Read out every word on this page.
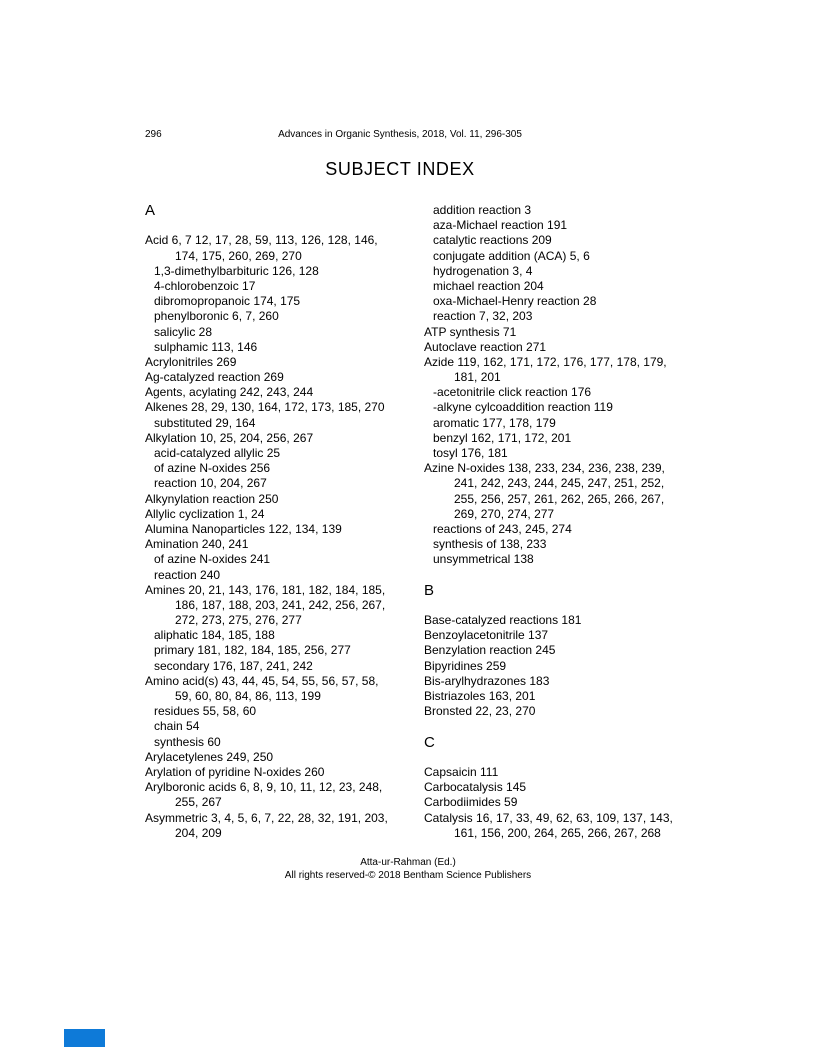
296	Advances in Organic Synthesis, 2018, Vol. 11, 296-305
SUBJECT INDEX
A

Acid 6, 7 12, 17, 28, 59, 113, 126, 128, 146,
174, 175, 260, 269, 270
1,3-dimethylbarbituric 126, 128
4-chlorobenzoic 17
dibromopropanoic 174, 175
phenylboronic 6, 7, 260
salicylic 28
sulphamic 113, 146
Acrylonitriles 269
Ag-catalyzed reaction 269
Agents, acylating 242, 243, 244
Alkenes 28, 29, 130, 164, 172, 173, 185, 270
substituted 29, 164
Alkylation 10, 25, 204, 256, 267
acid-catalyzed allylic 25
of azine N-oxides 256
reaction 10, 204, 267
Alkynylation reaction 250
Allylic cyclization 1, 24
Alumina Nanoparticles 122, 134, 139
Amination 240, 241
of azine N-oxides 241
reaction 240
Amines 20, 21, 143, 176, 181, 182, 184, 185,
186, 187, 188, 203, 241, 242, 256, 267,
272, 273, 275, 276, 277
aliphatic 184, 185, 188
primary 181, 182, 184, 185, 256, 277
secondary 176, 187, 241, 242
Amino acid(s) 43, 44, 45, 54, 55, 56, 57, 58,
59, 60, 80, 84, 86, 113, 199
residues 55, 58, 60
chain 54
synthesis 60
Arylacetylenes 249, 250
Arylation of pyridine N-oxides 260
Arylboronic acids 6, 8, 9, 10, 11, 12, 23, 248,
255, 267
Asymmetric 3, 4, 5, 6, 7, 22, 28, 32, 191, 203,
204, 209
addition reaction 3
aza-Michael reaction 191
catalytic reactions 209
conjugate addition (ACA) 5, 6
hydrogenation 3, 4
michael reaction 204
oxa-Michael-Henry reaction 28
reaction 7, 32, 203
ATP synthesis 71
Autoclave reaction 271
Azide 119, 162, 171, 172, 176, 177, 178, 179,
181, 201
-acetonitrile click reaction 176
-alkyne cylcoaddition reaction 119
aromatic 177, 178, 179
benzyl 162, 171, 172, 201
tosyl 176, 181
Azine N-oxides 138, 233, 234, 236, 238, 239,
241, 242, 243, 244, 245, 247, 251, 252,
255, 256, 257, 261, 262, 265, 266, 267,
269, 270, 274, 277
reactions of 243, 245, 274
synthesis of 138, 233
unsymmetrical 138

B

Base-catalyzed reactions 181
Benzoylacetonitrile 137
Benzylation reaction 245
Bipyridines 259
Bis-arylhydrazones 183
Bistriazoles 163, 201
Bronsted 22, 23, 270

C

Capsaicin 111
Carbocatalysis 145
Carbodiimides 59
Catalysis 16, 17, 33, 49, 62, 63, 109, 137, 143,
161, 156, 200, 264, 265, 266, 267, 268
Atta-ur-Rahman (Ed.)
All rights reserved-© 2018 Bentham Science Publishers
